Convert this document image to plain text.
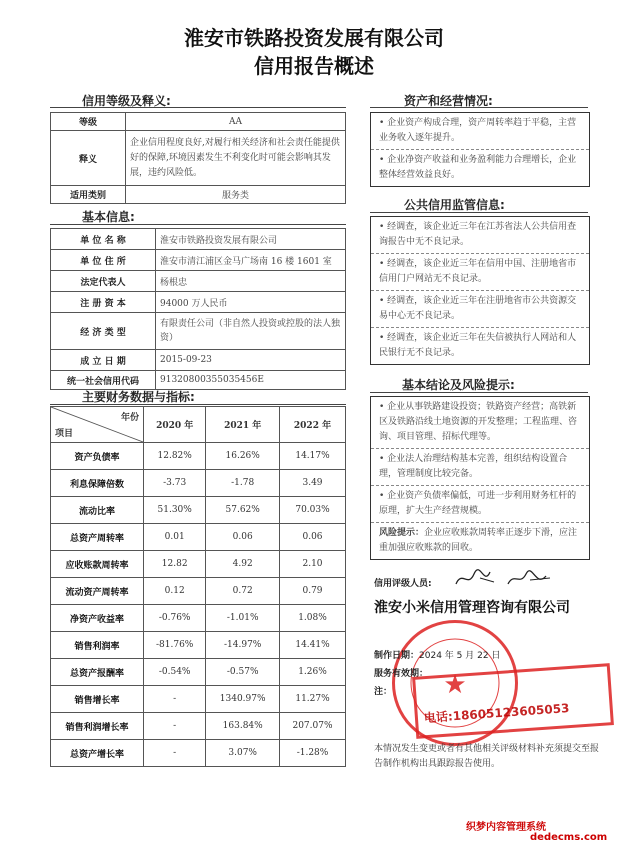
淮安市铁路投资发展有限公司
信用报告概述
信用等级及释义:
等级	AA
释义	企业信用程度良好,对履行相关经济和社会责任能提供好的保障,环境因素发生不利变化时可能会影响其发展，违约风险低。
适用类别	服务类
基本信息:
单 位 名 称	淮安市铁路投资发展有限公司
单 位 住 所	淮安市清江浦区金马广场南 16 楼 1601 室
法定代表人	杨根忠
注 册 资 本	94000 万人民币
经 济 类 型	有限责任公司（非自然人投资或控股的法人独资）
成 立 日 期	2015-09-23
统一社会信用代码	91320800355035456E
主要财务数据与指标:
年份
项目	2020 年	2021 年	2022 年
资产负债率	12.82%	16.26%	14.17%
利息保障倍数	-3.73	-1.78	3.49
流动比率	51.30%	57.62%	70.03%
总资产周转率	0.01	0.06	0.06
应收账款周转率	12.82	4.92	2.10
流动资产周转率	0.12	0.72	0.79
净资产收益率	-0.76%	-1.01%	1.08%
销售利润率	-81.76%	-14.97%	14.41%
总资产报酬率	-0.54%	-0.57%	1.26%
销售增长率	-	1340.97%	11.27%
销售利润增长率	-	163.84%	207.07%
总资产增长率	-	3.07%	-1.28%
资产和经营情况:
• 企业资产构成合理，资产周转率趋于平稳，主营业务收入逐年提升。
• 企业净资产收益和业务盈利能力合理增长，企业整体经营效益良好。
公共信用监管信息:
• 经调查，该企业近三年在江苏省法人公共信用查询报告中无不良记录。
• 经调查，该企业近三年在信用中国、注册地省市信用门户网站无不良记录。
• 经调查，该企业近三年在注册地省市公共资源交易中心无不良记录。
• 经调查，该企业近三年在失信被执行人网站和人民银行无不良记录。
基本结论及风险提示:
• 企业从事铁路建设投资；铁路资产经营；高铁新区及铁路沿线土地资源的开发整理；工程监理、咨询、项目管理、招标代理等。
• 企业法人治理结构基本完善，组织结构设置合理，管理制度比较完备。
• 企业资产负债率偏低，可进一步利用财务杠杆的原理，扩大生产经营规模。
风险提示：企业应收账款周转率正逐步下滑，应注重加强应收账款的回收。
信用评级人员:
淮安小米信用管理咨询有限公司
★
制作日期：2024 年 5 月 22 日
服务有效期：
注：
电话:18605123605053
本情况发生变更或者有其他相关评级材料补充须提交至报告制作机构出具跟踪报告使用。
织梦内容管理系统
dedecms.com
